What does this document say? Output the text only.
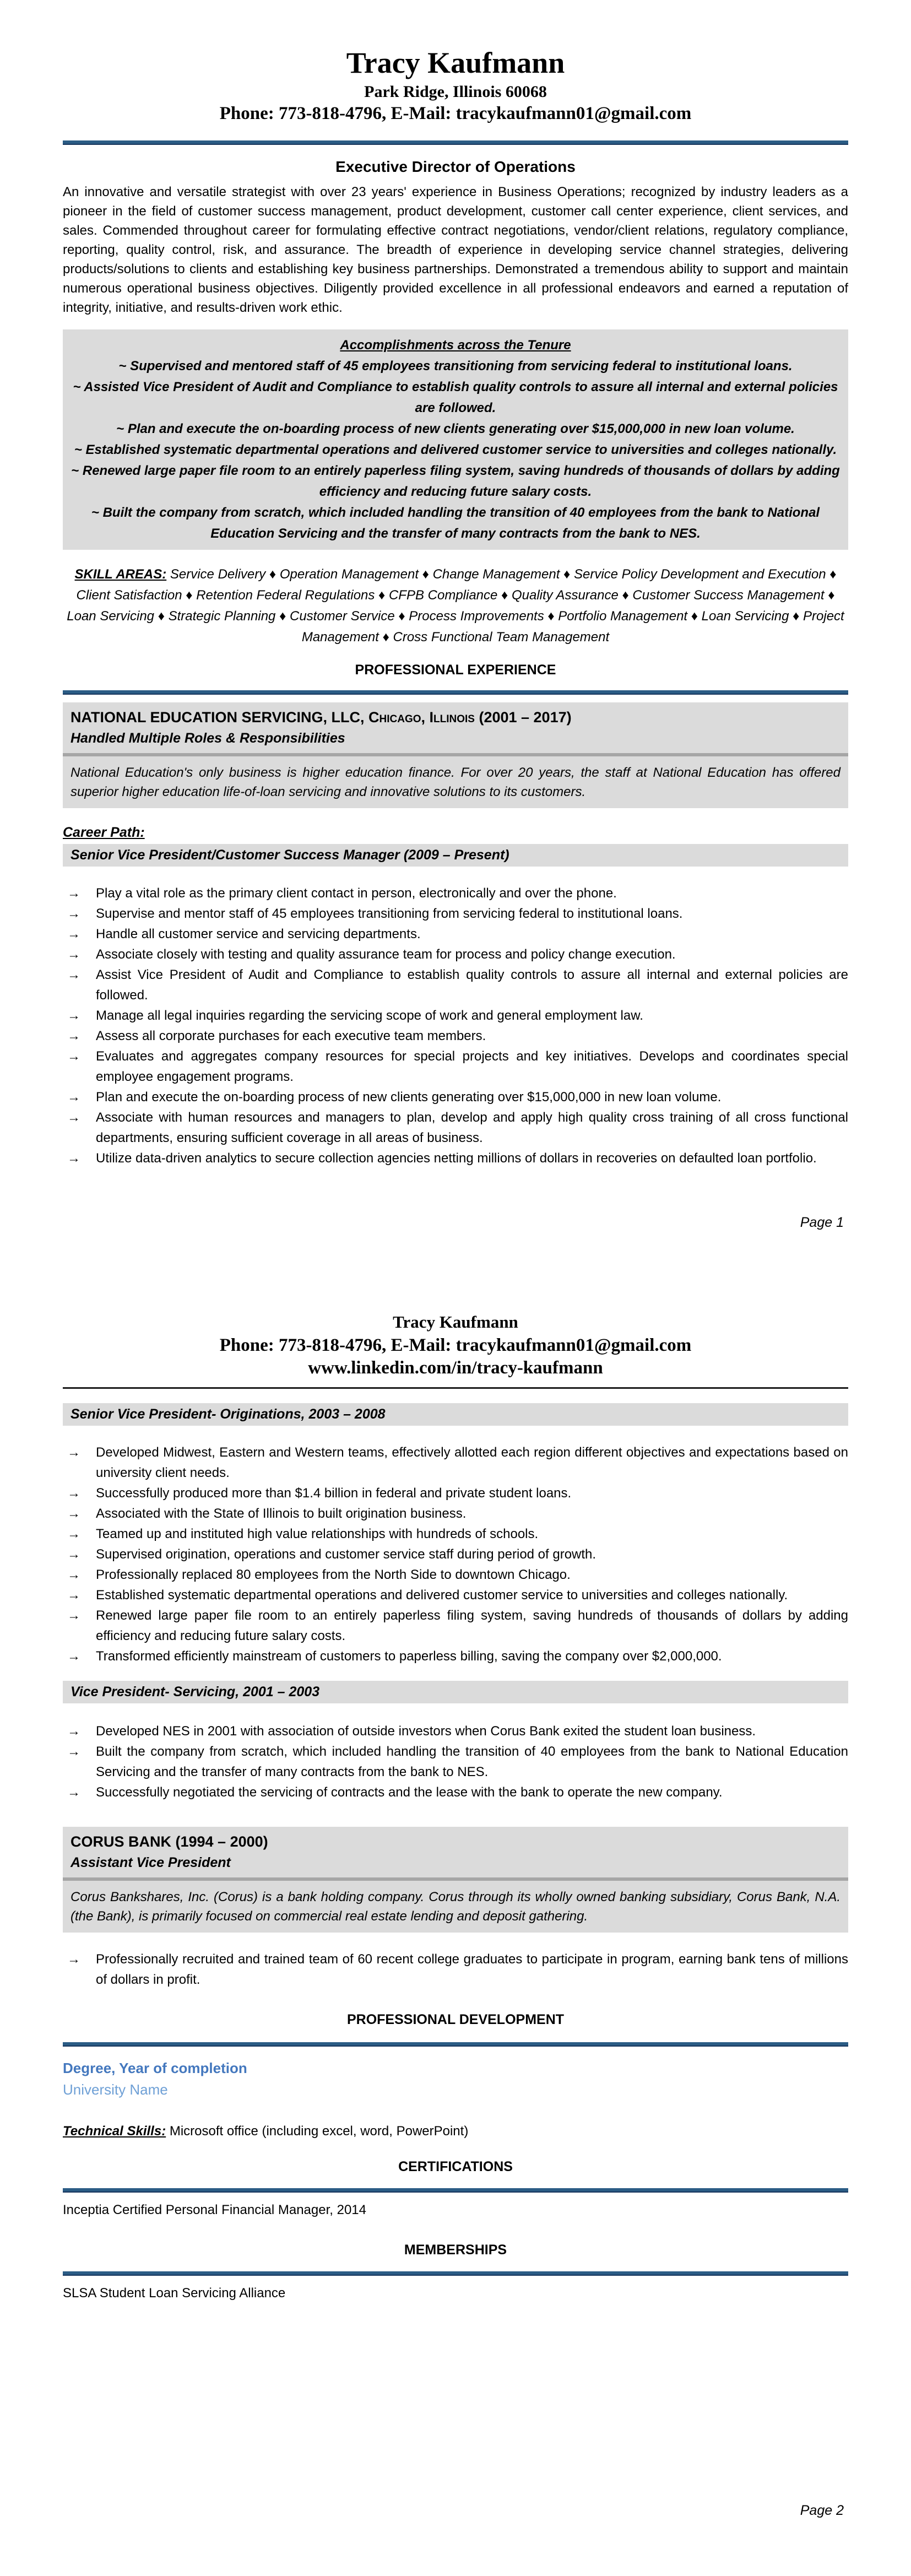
Tracy Kaufmann
Park Ridge, Illinois 60068
Phone: 773-818-4796, E-Mail: tracykaufmann01@gmail.com
Executive Director of Operations
An innovative and versatile strategist with over 23 years' experience in Business Operations; recognized by industry leaders as a pioneer in the field of customer success management, product development, customer call center experience, client services, and sales. Commended throughout career for formulating effective contract negotiations, vendor/client relations, regulatory compliance, reporting, quality control, risk, and assurance. The breadth of experience in developing service channel strategies, delivering products/solutions to clients and establishing key business partnerships. Demonstrated a tremendous ability to support and maintain numerous operational business objectives. Diligently provided excellence in all professional endeavors and earned a reputation of integrity, initiative, and results-driven work ethic.
Accomplishments across the Tenure
~ Supervised and mentored staff of 45 employees transitioning from servicing federal to institutional loans.
~ Assisted Vice President of Audit and Compliance to establish quality controls to assure all internal and external policies are followed.
~ Plan and execute the on-boarding process of new clients generating over $15,000,000 in new loan volume.
~ Established systematic departmental operations and delivered customer service to universities and colleges nationally.
~ Renewed large paper file room to an entirely paperless filing system, saving hundreds of thousands of dollars by adding efficiency and reducing future salary costs.
~ Built the company from scratch, which included handling the transition of 40 employees from the bank to National Education Servicing and the transfer of many contracts from the bank to NES.
SKILL AREAS: Service Delivery ♦ Operation Management ♦ Change Management ♦ Service Policy Development and Execution ♦ Client Satisfaction ♦ Retention Federal Regulations ♦ CFPB Compliance ♦ Quality Assurance ♦ Customer Success Management ♦ Loan Servicing ♦ Strategic Planning ♦ Customer Service ♦ Process Improvements ♦ Portfolio Management ♦ Loan Servicing ♦ Project Management ♦ Cross Functional Team Management
PROFESSIONAL EXPERIENCE
NATIONAL EDUCATION SERVICING, LLC, Chicago, Illinois (2001 – 2017)
Handled Multiple Roles & Responsibilities
National Education's only business is higher education finance. For over 20 years, the staff at National Education has offered superior higher education life-of-loan servicing and innovative solutions to its customers.
Career Path:
Senior Vice President/Customer Success Manager (2009 – Present)
→ Play a vital role as the primary client contact in person, electronically and over the phone.
→ Supervise and mentor staff of 45 employees transitioning from servicing federal to institutional loans.
→ Handle all customer service and servicing departments.
→ Associate closely with testing and quality assurance team for process and policy change execution.
→ Assist Vice President of Audit and Compliance to establish quality controls to assure all internal and external policies are followed.
→ Manage all legal inquiries regarding the servicing scope of work and general employment law.
→ Assess all corporate purchases for each executive team members.
→ Evaluates and aggregates company resources for special projects and key initiatives. Develops and coordinates special employee engagement programs.
→ Plan and execute the on-boarding process of new clients generating over $15,000,000 in new loan volume.
→ Associate with human resources and managers to plan, develop and apply high quality cross training of all cross functional departments, ensuring sufficient coverage in all areas of business.
→ Utilize data-driven analytics to secure collection agencies netting millions of dollars in recoveries on defaulted loan portfolio.
Page 1
Tracy Kaufmann
Phone: 773-818-4796, E-Mail: tracykaufmann01@gmail.com
www.linkedin.com/in/tracy-kaufmann
Senior Vice President- Originations, 2003 – 2008
→ Developed Midwest, Eastern and Western teams, effectively allotted each region different objectives and expectations based on university client needs.
→ Successfully produced more than $1.4 billion in federal and private student loans.
→ Associated with the State of Illinois to built origination business.
→ Teamed up and instituted high value relationships with hundreds of schools.
→ Supervised origination, operations and customer service staff during period of growth.
→ Professionally replaced 80 employees from the North Side to downtown Chicago.
→ Established systematic departmental operations and delivered customer service to universities and colleges nationally.
→ Renewed large paper file room to an entirely paperless filing system, saving hundreds of thousands of dollars by adding efficiency and reducing future salary costs.
→ Transformed efficiently mainstream of customers to paperless billing, saving the company over $2,000,000.
Vice President- Servicing, 2001 – 2003
→ Developed NES in 2001 with association of outside investors when Corus Bank exited the student loan business.
→ Built the company from scratch, which included handling the transition of 40 employees from the bank to National Education Servicing and the transfer of many contracts from the bank to NES.
→ Successfully negotiated the servicing of contracts and the lease with the bank to operate the new company.
CORUS BANK (1994 – 2000)
Assistant Vice President
Corus Bankshares, Inc. (Corus) is a bank holding company. Corus through its wholly owned banking subsidiary, Corus Bank, N.A. (the Bank), is primarily focused on commercial real estate lending and deposit gathering.
→ Professionally recruited and trained team of 60 recent college graduates to participate in program, earning bank tens of millions of dollars in profit.
PROFESSIONAL DEVELOPMENT
Degree, Year of completion
University Name
Technical Skills: Microsoft office (including excel, word, PowerPoint)
CERTIFICATIONS
Inceptia Certified Personal Financial Manager, 2014
MEMBERSHIPS
SLSA Student Loan Servicing Alliance
Page 2
